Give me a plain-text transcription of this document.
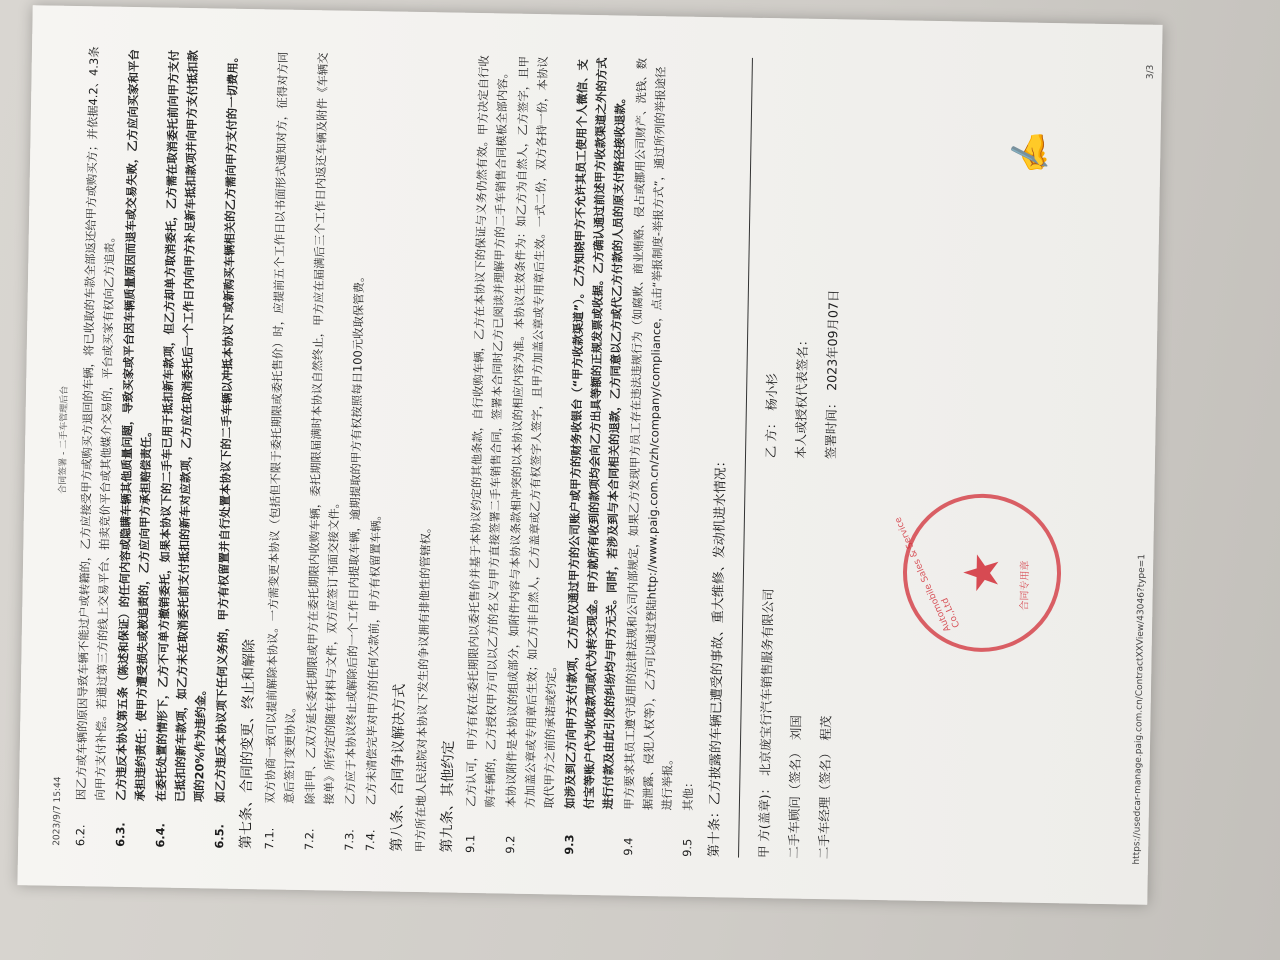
2023/9/7 15:44
合同签署 - 二手车管理后台
6.2.
因乙方或车辆的原因导致车辆不能过户或转籍的，乙方应接受甲方或购买方退回的车辆，将已收取的车款全部返还给甲方或购买方；并依据4.2、4.3条向甲方支付补偿。若通过第三方的线上交易平台、拍卖竞价平台或其他媒介交易的，平台或买家有权向乙方追责。
6.3.
乙方违反本协议第五条（陈述和保证）的任何内容或隐瞒车辆其他质量问题，导致买家或平台因车辆质量原因而退车或交易失败，乙方应向买家和平台承担违约责任；使甲方遭受损失或被追责的，乙方应向甲方承担赔偿责任。
6.4.
在委托处置的情形下，乙方不可单方撤销委托，如果本协议下的二手车已用于抵扣新车款项，但乙方却单方取消委托，乙方需在取消委托前向甲方支付已抵扣的新车款项，如乙方未在取消委托前支付抵扣的新车对应款项，乙方应在取消委托后一个工作日内向甲方补足新车抵扣款项并向甲方支付抵扣款项的20%作为违约金。
6.5.
如乙方违反本协议项下任何义务的，甲方有权留置并自行处置本协议下的二手车辆以冲抵本协议下或新购买车辆相关的乙方需向甲方支付的一切费用。
第七条、合同的变更、终止和解除 7.1.
双方协商一致可以提前解除本协议。一方需变更本协议（包括但不限于委托期限或委托售价）时，应提前五个工作日以书面形式通知对方，征得对方同意后签订变更协议。
7.2.
除非甲、乙双方延长委托期限或甲方在委托期限内收购车辆，委托期限届满时本协议自然终止，甲方应在届满后三个工作日内返还车辆及附件《车辆交接单》所约定的随车材料与文件，双方应签订书面交接文件。
7.3.
乙方应于本协议终止或解除后的一个工作日内提取车辆，逾期提取的甲方有权按照每日100元收取保管费。
7.4.
乙方未清偿完毕对甲方的任何欠款前，甲方有权留置车辆。 第八条、合同争议解决方式 甲方所在地人民法院对本协议下发生的争议拥有排他性的管辖权。 第九条、其他约定 9.1
乙方认可，甲方有权在委托期限内以委托售价并基于本协议约定的其他条款，自行收购车辆，乙方在本协议下的保证与义务仍然有效。甲方决定自行收购车辆的，乙方授权甲方可以以乙方的名义与甲方直接签署二手车销售合同，签署本合同时乙方已阅读并理解甲方的二手车销售合同模板全部内容。
9.2
本协议附件是本协议的组成部分，如附件内容与本协议条款相冲突的以本协议的相应内容为准。本协议生效条件为：如乙方为自然人，乙方签字，且甲方加盖公章或专用章后生效；如乙方非自然人，乙方盖章或乙方有权签字人签字，且甲方加盖公章或专用章后生效。一式二份，双方各持一份，本协议取代甲方之前的承诺或约定。
9.3
如涉及到乙方向甲方支付款项，乙方应仅通过甲方的公司账户或甲方的财务收银台（“甲方收款渠道”）。乙方知晓甲方不允许其员工使用个人微信、支付宝等账户代为收取款项或代为转交现金。甲方就所有收到的款项均会向乙方出具等额的正规发票或收据。乙方确认通过前述甲方收款渠道之外的方式进行付款及由此引发的纠纷均与甲方无关。同时，若涉及到与本合同相关的退款，乙方同意以乙方或代乙方付款的人员的原支付路径接收退款。
9.4
甲方要求其员工遵守适用的法律法规和公司内部规定，如果乙方发现甲方员工存在违法违规行为（如腐败、商业贿赂、侵占或挪用公司财产、洗钱、数据泄露、侵犯人权等），乙方可以通过登陆http://www.paig.com.cn/zh/company/compliance，点击“举报制度-举报方式”，通过所列的举报途径进行举报。
9.5
其他： 第十条：乙方披露的车辆已遭受的事故、重大维修、发动机进水情况：	甲 方(盖章)：北京庞宝行汽车销售服务有限公司
二手车顾问（签名）刘国
二手车经理（签名）程茂
乙 方：杨小杉	本人或授权代表签名：	签署时间：2023年09月07日
Automobile Sales & Service Co.,Ltd
★ 合同专用章
✍
https://usedcar-manage.paig.com.cn/ContractXXView/43046?type=1
3/3
